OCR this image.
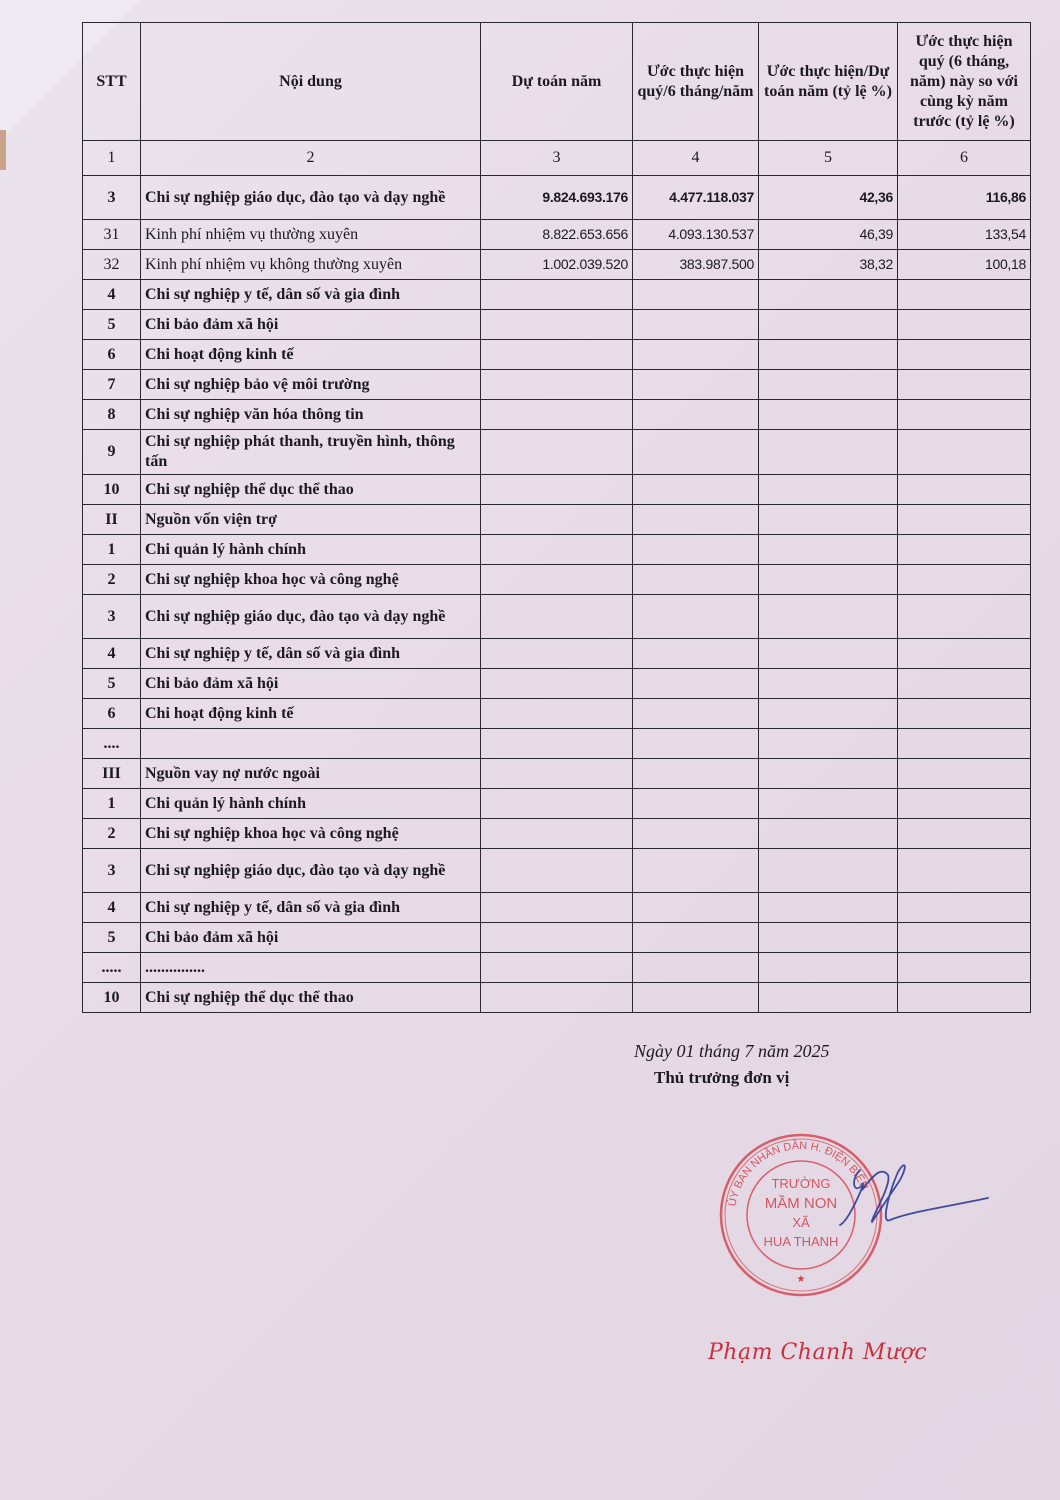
STT	Nội dung	Dự toán năm	Ước thực hiện quý/6 tháng/năm	Ước thực hiện/Dự toán năm (tỷ lệ %)	Ước thực hiện quý (6 tháng, năm) này so với cùng kỳ năm trước (tỷ lệ %)
1	2	3	4	5	6
3	Chi sự nghiệp giáo dục, đào tạo và dạy nghề	9.824.693.176	4.477.118.037	42,36	116,86
31	Kinh phí nhiệm vụ thường xuyên	8.822.653.656	4.093.130.537	46,39	133,54
32	Kinh phí nhiệm vụ không thường xuyên	1.002.039.520	383.987.500	38,32	100,18
4	Chi sự nghiệp y tế, dân số và gia đình				
5	Chi bảo đảm xã hội				
6	Chi hoạt động kinh tế				
7	Chi sự nghiệp bảo vệ môi trường				
8	Chi sự nghiệp văn hóa thông tin				
9	Chi sự nghiệp phát thanh, truyền hình, thông tấn				
10	Chi sự nghiệp thể dục thể thao				
II	Nguồn vốn viện trợ				
1	Chi quản lý hành chính				
2	Chi sự nghiệp khoa học và công nghệ				
3	Chi sự nghiệp giáo dục, đào tạo và dạy nghề				
4	Chi sự nghiệp y tế, dân số và gia đình				
5	Chi bảo đảm xã hội				
6	Chi hoạt động kinh tế				
....					
III	Nguồn vay nợ nước ngoài				
1	Chi quản lý hành chính				
2	Chi sự nghiệp khoa học và công nghệ				
3	Chi sự nghiệp giáo dục, đào tạo và dạy nghề				
4	Chi sự nghiệp y tế, dân số và gia đình				
5	Chi bảo đảm xã hội				
.....	...............				
10	Chi sự nghiệp thể dục thể thao				
Ngày 01 tháng 7 năm 2025
Thủ trưởng đơn vị
ỦY BAN NHÂN DÂN H. ĐIỆN BIÊN
TRƯỜNG
MẦM NON
XÃ
HUA THANH
★
Phạm Chanh Mược
